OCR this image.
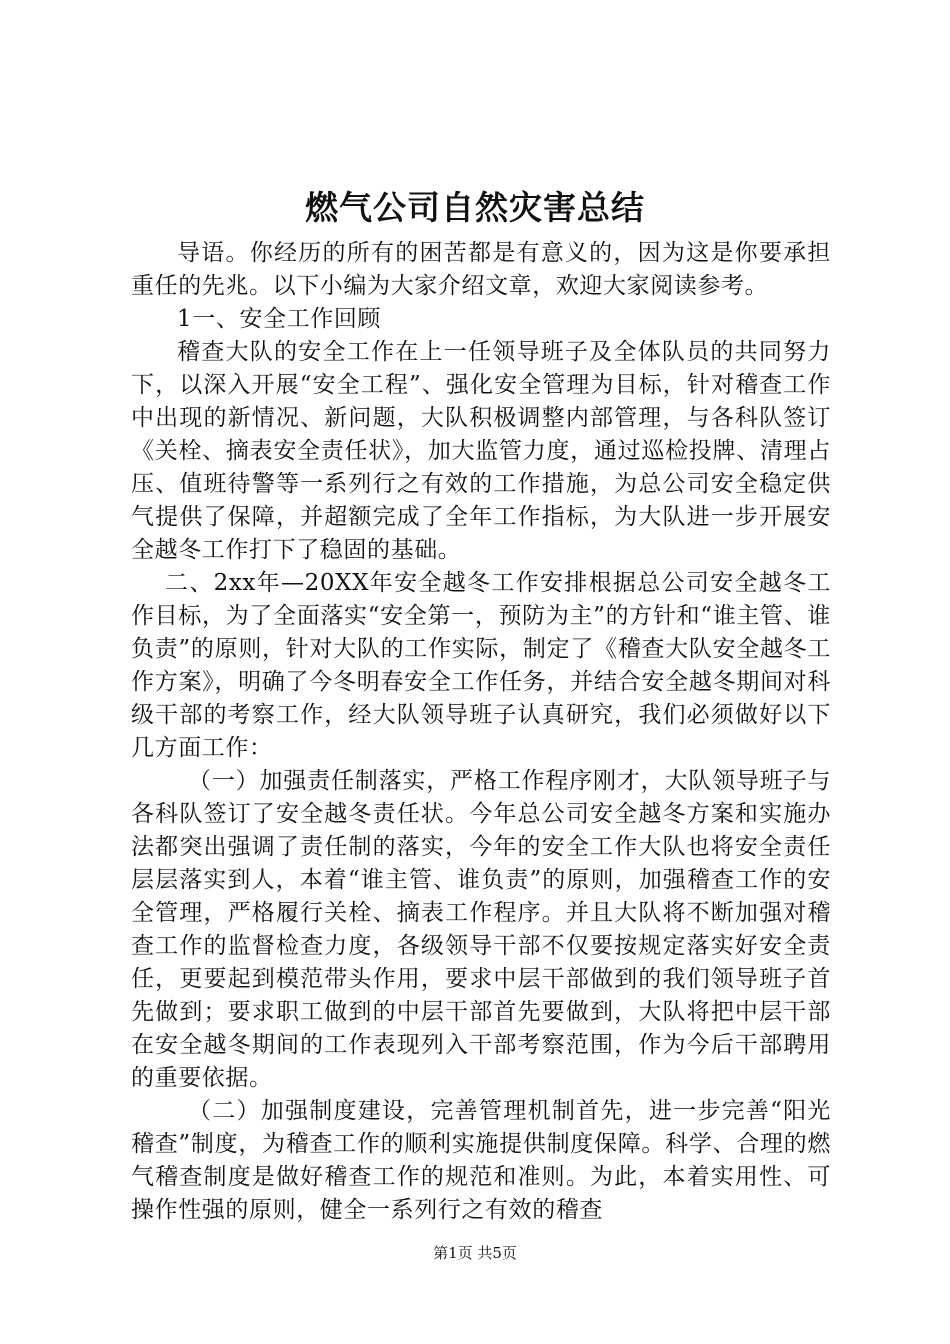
燃气公司自然灾害总结

导语。你经历的所有的困苦都是有意义的，因为这是你要承担重任的先兆。以下小编为大家介绍文章，欢迎大家阅读参考。

1一、安全工作回顾

稽查大队的安全工作在上一任领导班子及全体队员的共同努力下，以深入开展“安全工程”、强化安全管理为目标，针对稽查工作中出现的新情况、新问题，大队积极调整内部管理，与各科队签订《关栓、摘表安全责任状》，加大监管力度，通过巡检投牌、清理占压、值班待警等一系列行之有效的工作措施，为总公司安全稳定供气提供了保障，并超额完成了全年工作指标，为大队进一步开展安全越冬工作打下了稳固的基础。

二、2xx年—20XX年安全越冬工作安排根据总公司安全越冬工作目标，为了全面落实“安全第一，预防为主”的方针和“谁主管、谁负责”的原则，针对大队的工作实际，制定了《稽查大队安全越冬工作方案》，明确了今冬明春安全工作任务，并结合安全越冬期间对科级干部的考察工作，经大队领导班子认真研究，我们必须做好以下几方面工作：

（一）加强责任制落实，严格工作程序刚才，大队领导班子与各科队签订了安全越冬责任状。今年总公司安全越冬方案和实施办法都突出强调了责任制的落实，今年的安全工作大队也将安全责任层层落实到人，本着“谁主管、谁负责”的原则，加强稽查工作的安全管理，严格履行关栓、摘表工作程序。并且大队将不断加强对稽查工作的监督检查力度，各级领导干部不仅要按规定落实好安全责任，更要起到模范带头作用，要求中层干部做到的我们领导班子首先做到；要求职工做到的中层干部首先要做到，大队将把中层干部在安全越冬期间的工作表现列入干部考察范围，作为今后干部聘用的重要依据。

（二）加强制度建设，完善管理机制首先，进一步完善“阳光稽查”制度，为稽查工作的顺利实施提供制度保障。科学、合理的燃气稽查制度是做好稽查工作的规范和准则。为此，本着实用性、可操作性强的原则，健全一系列行之有效的稽查

第1页 共5页
